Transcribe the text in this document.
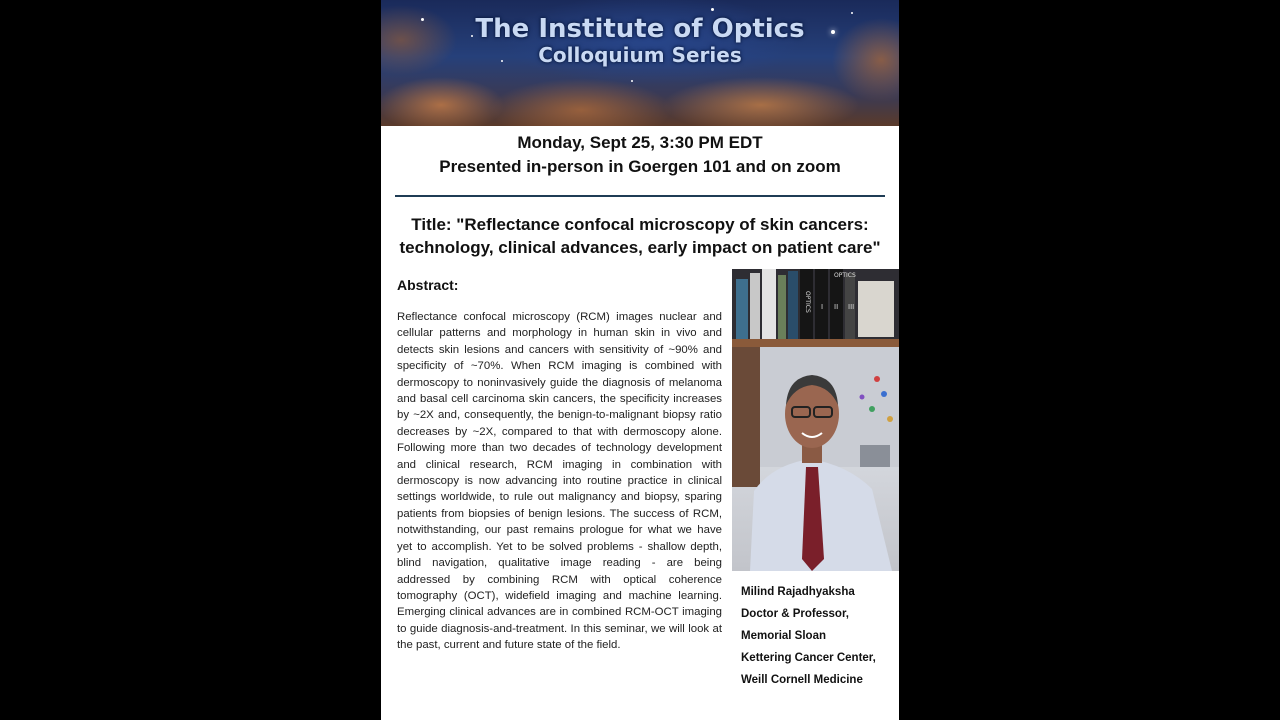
The Institute of Optics
Colloquium Series
Monday, Sept 25, 3:30 PM EDT
Presented in-person in Goergen 101 and on zoom
Title: "Reflectance confocal microscopy of skin cancers:
technology, clinical advances, early impact on patient care"
Abstract:

Reflectance confocal microscopy (RCM) images nuclear and cellular patterns and morphology in human skin in vivo and detects skin lesions and cancers with sensitivity of ~90% and specificity of ~70%. When RCM imaging is combined with dermoscopy to noninvasively guide the diagnosis of melanoma and basal cell carcinoma skin cancers, the specificity increases by ~2X and, consequently, the benign-to-malignant biopsy ratio decreases by ~2X, compared to that with dermoscopy alone. Following more than two decades of technology development and clinical research, RCM imaging in combination with dermoscopy is now advancing into routine practice in clinical settings worldwide, to rule out malignancy and biopsy, sparing patients from biopsies of benign lesions. The success of RCM, notwithstanding, our past remains prologue for what we have yet to accomplish. Yet to be solved problems - shallow depth, blind navigation, qualitative image reading - are being addressed by combining RCM with optical coherence tomography (OCT), widefield imaging and machine learning. Emerging clinical advances are in combined RCM-OCT imaging to guide diagnosis-and-treatment. In this seminar, we will look at the past, current and future state of the field.

OPTICS I II III
OPTICS
Milind Rajadhyaksha
Doctor & Professor,
Memorial Sloan
Kettering Cancer Center,
Weill Cornell Medicine
